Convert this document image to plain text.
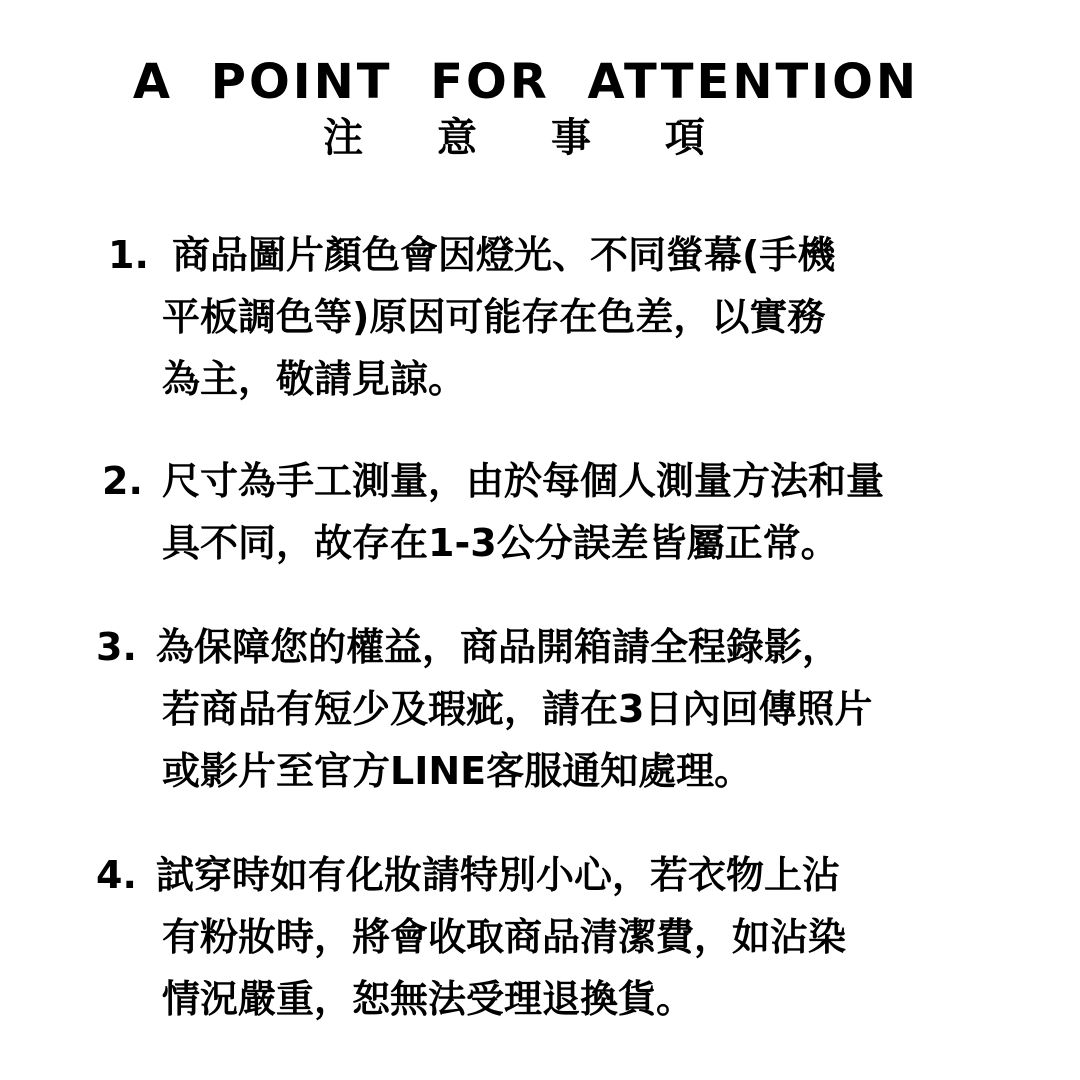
A POINT FOR ATTENTION
注 意 事 項
1. 商品圖片顏色會因燈光、不同螢幕(手機
平板調色等)原因可能存在色差，以實務
為主，敬請見諒。
2. 尺寸為手工測量，由於每個人測量方法和量
具不同，故存在1-3公分誤差皆屬正常。
3. 為保障您的權益，商品開箱請全程錄影，
若商品有短少及瑕疵，請在3日內回傳照片
或影片至官方LINE客服通知處理。
4. 試穿時如有化妝請特別小心，若衣物上沾
有粉妝時，將會收取商品清潔費，如沾染
情況嚴重，恕無法受理退換貨。
